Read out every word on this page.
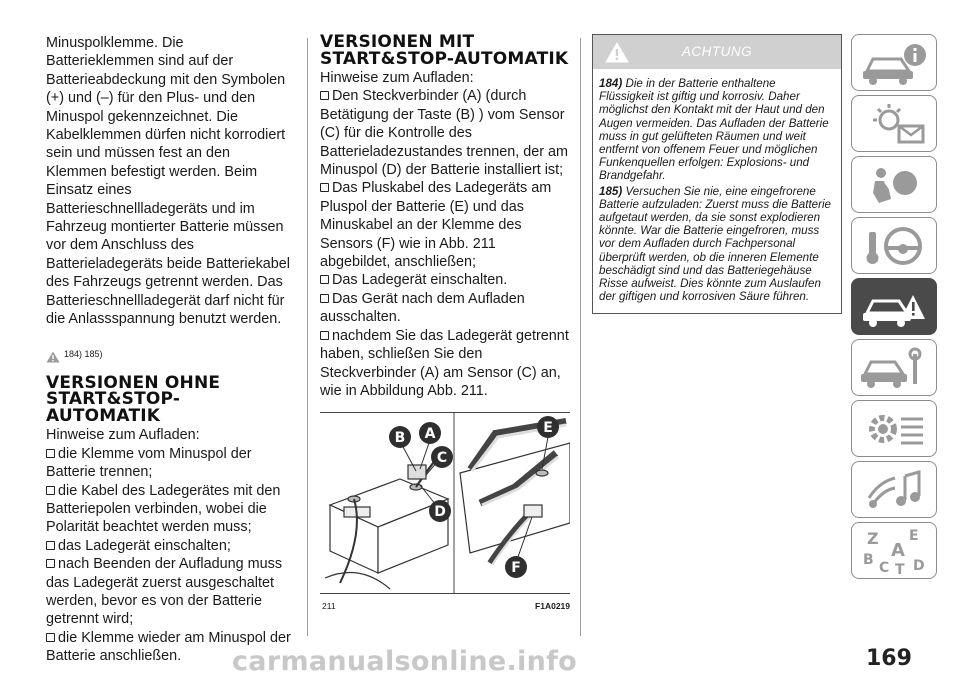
Minuspolklemme. Die Batterieklemmen sind auf der Batterieabdeckung mit den Symbolen (+) und (–) für den Plus- und den Minuspol gekennzeichnet. Die Kabelklemmen dürfen nicht korrodiert sein und müssen fest an den Klemmen befestigt werden. Beim Einsatz eines Batterieschnellladegeräts und im Fahrzeug montierter Batterie müssen vor dem Anschluss des Batterieladegeräts beide Batteriekabel des Fahrzeugs getrennt werden. Das Batterieschnellladegerät darf nicht für die Anlassspannung benutzt werden.

184) 185)
VERSIONEN OHNE START&STOP-AUTOMATIK

Hinweise zum Aufladen:

die Klemme vom Minuspol der Batterie trennen;

die Kabel des Ladegerätes mit den Batteriepolen verbinden, wobei die Polarität beachtet werden muss;

das Ladegerät einschalten;

nach Beenden der Aufladung muss das Ladegerät zuerst ausgeschaltet werden, bevor es von der Batterie getrennt wird;

die Klemme wieder am Minuspol der Batterie anschließen.

VERSIONEN MIT START&STOP-AUTOMATIK

Hinweise zum Aufladen:

Den Steckverbinder (A) (durch Betätigung der Taste (B) ) vom Sensor (C) für die Kontrolle des Batterieladezustandes trennen, der am Minuspol (D) der Batterie installiert ist;

Das Pluskabel des Ladegeräts am Pluspol der Batterie (E) und das Minuskabel an der Klemme des Sensors (F) wie in Abb. 211 abgebildet, anschließen;

Das Ladegerät einschalten.

Das Gerät nach dem Aufladen ausschalten.

nachdem Sie das Ladegerät getrennt haben, schließen Sie den Steckverbinder (A) am Sensor (C) an, wie in Abbildung Abb. 211.

B A
C
D
E
F
211	F1A0219
ACHTUNG

184) Die in der Batterie enthaltene Flüssigkeit ist giftig und korrosiv. Daher möglichst den Kontakt mit der Haut und den Augen vermeiden. Das Aufladen der Batterie muss in gut gelüfteten Räumen und weit entfernt von offenem Feuer und möglichen Funkenquellen erfolgen: Explosions- und Brandgefahr.

185) Versuchen Sie nie, eine eingefrorene Batterie aufzuladen: Zuerst muss die Batterie aufgetaut werden, da sie sonst explodieren könnte. War die Batterie eingefroren, muss vor dem Aufladen durch Fachpersonal überprüft werden, ob die inneren Elemente beschädigt sind und das Batteriegehäuse Risse aufweist. Dies könnte zum Auslaufen der giftigen und korrosiven Säure führen.

Z E
A
B C T D
carmanualsonline.info	169
